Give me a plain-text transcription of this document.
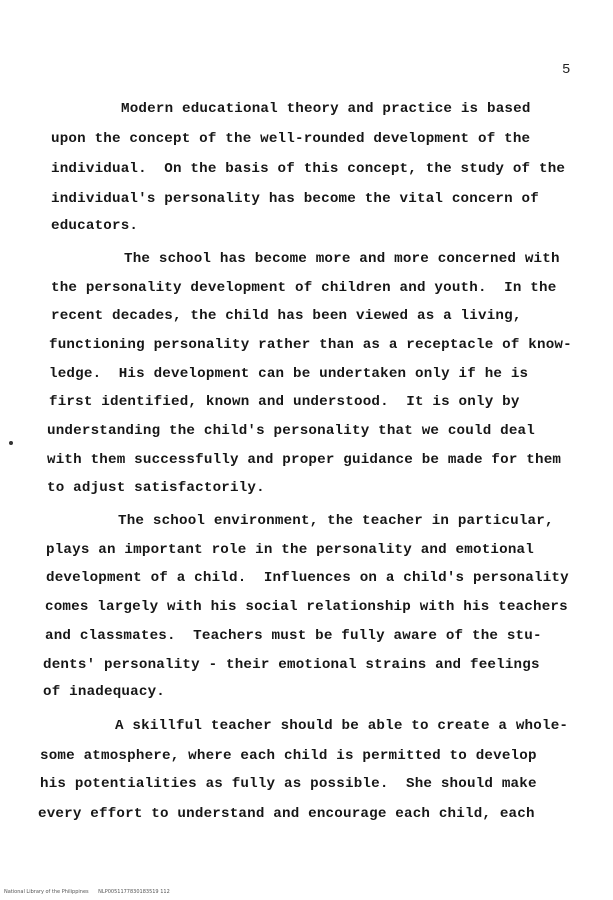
5
Modern educational theory and practice is based
upon the concept of the well-rounded development of the
individual.  On the basis of this concept, the study of the
individual's personality has become the vital concern of
educators.
The school has become more and more concerned with
the personality development of children and youth.  In the
recent decades, the child has been viewed as a living,
functioning personality rather than as a receptacle of know-
ledge.  His development can be undertaken only if he is
first identified, known and understood.  It is only by
understanding the child's personality that we could deal
with them successfully and proper guidance be made for them
to adjust satisfactorily.
The school environment, the teacher in particular,
plays an important role in the personality and emotional
development of a child.  Influences on a child's personality
comes largely with his social relationship with his teachers
and classmates.  Teachers must be fully aware of the stu-
dents' personality - their emotional strains and feelings
of inadequacy.
A skillful teacher should be able to create a whole-
some atmosphere, where each child is permitted to develop
his potentialities as fully as possible.  She should make
every effort to understand and encourage each child, each
National Library of the Philippines      NLP0051177830183519 112
